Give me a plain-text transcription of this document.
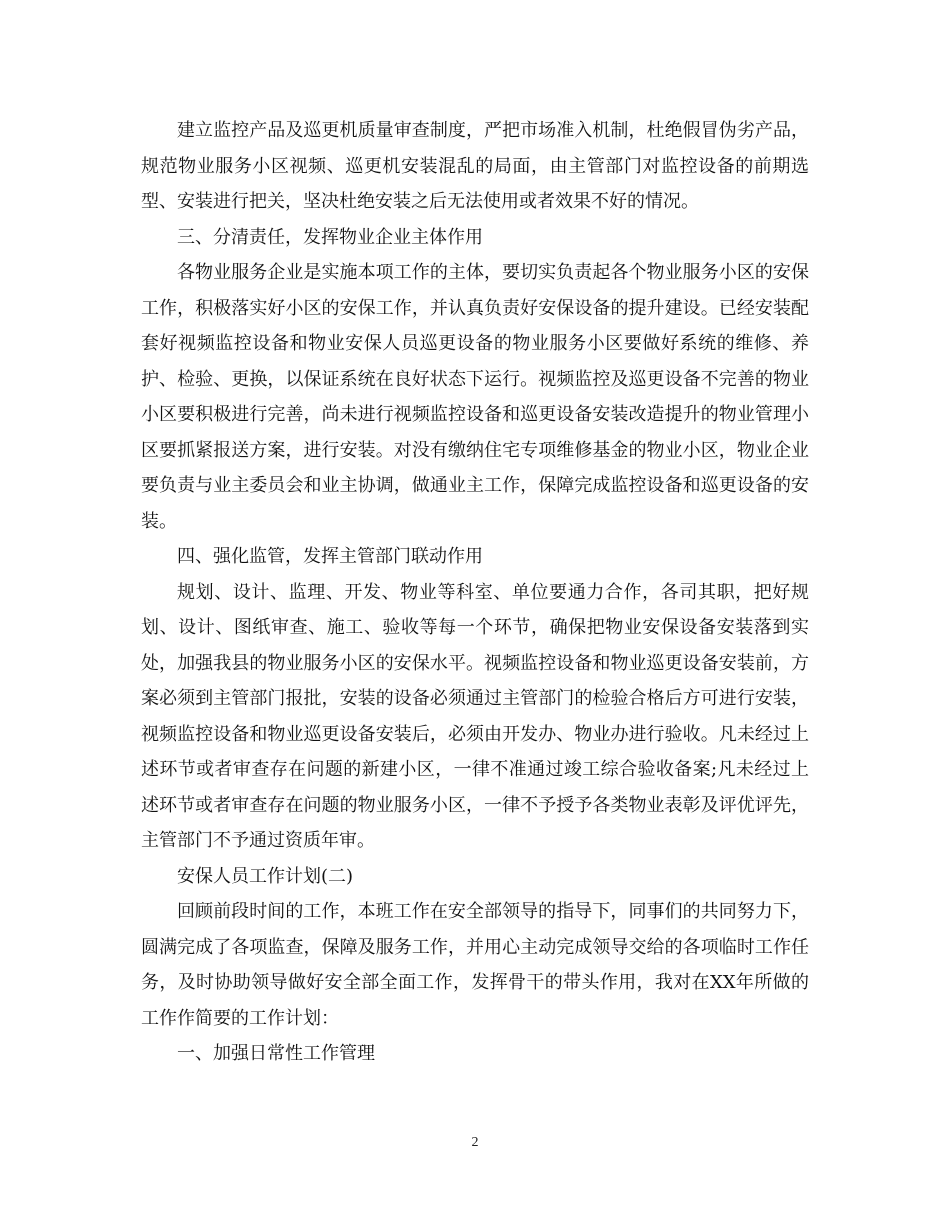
建立监控产品及巡更机质量审查制度，严把市场准入机制，杜绝假冒伪劣产品，规范物业服务小区视频、巡更机安装混乱的局面，由主管部门对监控设备的前期选型、安装进行把关，坚决杜绝安装之后无法使用或者效果不好的情况。

三、分清责任，发挥物业企业主体作用

各物业服务企业是实施本项工作的主体，要切实负责起各个物业服务小区的安保工作，积极落实好小区的安保工作，并认真负责好安保设备的提升建设。已经安装配套好视频监控设备和物业安保人员巡更设备的物业服务小区要做好系统的维修、养护、检验、更换，以保证系统在良好状态下运行。视频监控及巡更设备不完善的物业小区要积极进行完善，尚未进行视频监控设备和巡更设备安装改造提升的物业管理小区要抓紧报送方案，进行安装。对没有缴纳住宅专项维修基金的物业小区，物业企业要负责与业主委员会和业主协调，做通业主工作，保障完成监控设备和巡更设备的安装。

四、强化监管，发挥主管部门联动作用

规划、设计、监理、开发、物业等科室、单位要通力合作，各司其职，把好规划、设计、图纸审查、施工、验收等每一个环节，确保把物业安保设备安装落到实处，加强我县的物业服务小区的安保水平。视频监控设备和物业巡更设备安装前，方案必须到主管部门报批，安装的设备必须通过主管部门的检验合格后方可进行安装，视频监控设备和物业巡更设备安装后，必须由开发办、物业办进行验收。凡未经过上述环节或者审查存在问题的新建小区，一律不准通过竣工综合验收备案;凡未经过上述环节或者审查存在问题的物业服务小区，一律不予授予各类物业表彰及评优评先，主管部门不予通过资质年审。

安保人员工作计划(二)

回顾前段时间的工作，本班工作在安全部领导的指导下，同事们的共同努力下，圆满完成了各项监查，保障及服务工作，并用心主动完成领导交给的各项临时工作任务，及时协助领导做好安全部全面工作，发挥骨干的带头作用，我对在XX年所做的工作作简要的工作计划：

一、加强日常性工作管理

2
